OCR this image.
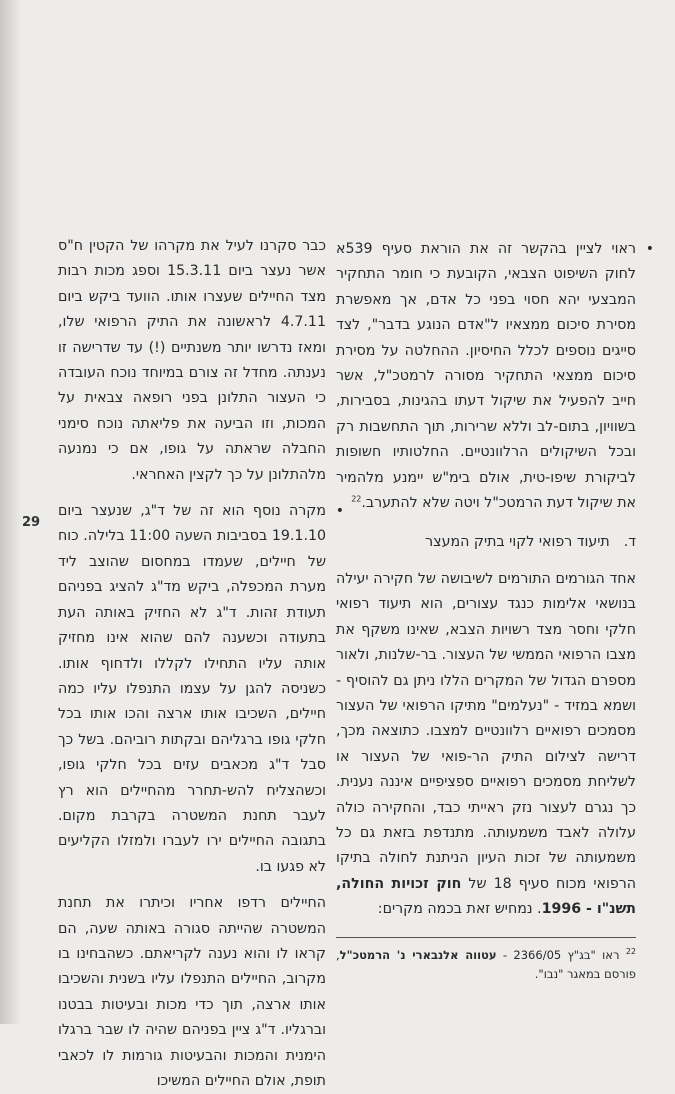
29
•

ראוי לציין בהקשר זה את הוראת סעיף 539א לחוק השיפוט הצבאי, הקובעת כי חומר התחקיר המבצעי יהא חסוי בפני כל אדם, אך מאפשרת מסירת סיכום ממצאיו ל"אדם הנוגע בדבר", לצד סייגים נוספים לכלל החיסיון. ההחלטה על מסירת סיכום ממצאי התחקיר מסורה לרמטכ"ל, אשר חייב להפעיל את שיקול דעתו בהגינות, בסבירות, בשוויון, בתום-לב וללא שרירות, תוך התחשבות רק ובכל השיקולים הרלוונטיים. החלטותיו חשופות לביקורת שיפו-טית, אולם בימ"ש יימנע מלהמיר את שיקול דעת הרמטכ"ל ויטה שלא להתערב.$^{22}$

ד.תיעוד רפואי לקוי בתיק המעצר

אחד הגורמים התורמים לשיבושה של חקירה יעילה בנושאי אלימות כנגד עצורים, הוא תיעוד רפואי חלקי וחסר מצד רשויות הצבא, שאינו משקף את מצבו הרפואי הממשי של העצור. בר-שלנות, ולאור מספרם הגדול של המקרים הללו ניתן גם להוסיף - ושמא במזיד - "נעלמים" מתיקו הרפואי של העצור מסמכים רפואיים רלוונטיים למצבו. כתוצאה מכך, דרישה לצילום התיק הר-פואי של העצור או לשליחת מסמכים רפואיים ספציפיים איננה נענית. כך נגרם לעצור נזק ראייתי כבד, והחקירה כולה עלולה לאבד משמעותה. מתנדפת בזאת גם כל משמעותה של זכות העיון הניתנת לחולה בתיקו הרפואי מכוח סעיף 18 של חוק זכויות החולה, תשנ"ו - 1996. נמחיש זאת בכמה מקרים:

$^{22}$ ראו "בג"ץ 2366/05 - עטווה אלנבארי נ' הרמטכ"ל, פורסם במאגר "נבו".

כבר סקרנו לעיל את מקרהו של הקטין ח"ס אשר נעצר ביום 15.3.11 וספג מכות רבות מצד החיילים שעצרו אותו. הוועד ביקש ביום 4.7.11 לראשונה את התיק הרפואי שלו, ומאז נדרשו יותר משנתיים (!) עד שדרישה זו נענתה. מחדל זה צורם במיוחד נוכח העובדה כי העצור התלונן בפני רופאה צבאית על המכות, וזו הביעה את פליאתה נוכח סימני החבלה שראתה על גופו, אם כי נמנעה מלהתלונן על כך לקצין האחראי.

•

מקרה נוסף הוא זה של ד"ג, שנעצר ביום 19.1.10 בסביבות השעה 11:00 בלילה. כוח של חיילים, שעמדו במחסום שהוצב ליד מערת המכפלה, ביקש מד"ג להציג בפניהם תעודת זהות. ד"ג לא החזיק באותה העת בתעודה וכשענה להם שהוא אינו מחזיק אותה עליו התחילו לקללו ולדחוף אותו. כשניסה להגן על עצמו התנפלו עליו כמה חיילים, השכיבו אותו ארצה והכו אותו בכל חלקי גופו ברגליהם ובקתות רוביהם. בשל כך סבל ד"ג מכאבים עזים בכל חלקי גופו, וכשהצליח להש-תחרר מהחיילים הוא רץ לעבר תחנת המשטרה בקרבת מקום. בתגובה החיילים ירו לעברו ולמזלו הקליעים לא פגעו בו.

החיילים רדפו אחריו וכיתרו את תחנת המשטרה שהייתה סגורה באותה שעה, הם קראו לו והוא נענה לקריאתם. כשהבחינו בו מקרוב, החיילים התנפלו עליו בשנית והשכיבו אותו ארצה, תוך כדי מכות ובעיטות בבטנו וברגליו. ד"ג ציין בפניהם שהיה לו שבר ברגלו הימנית והמכות והבעיטות גורמות לו לכאבי תופת, אולם החיילים המשיכו
